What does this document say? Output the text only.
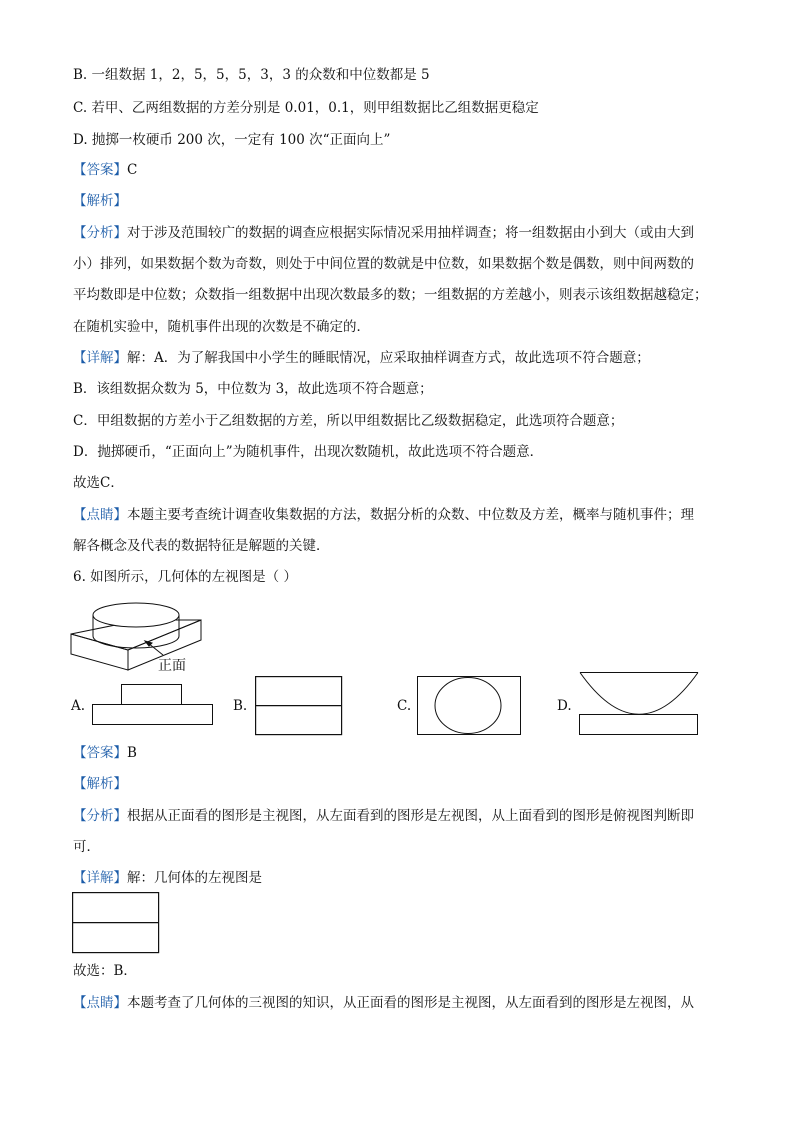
B. 一组数据 1，2，5，5，5，3，3 的众数和中位数都是 5
C. 若甲、乙两组数据的方差分别是 0.01，0.1，则甲组数据比乙组数据更稳定
D. 抛掷一枚硬币 200 次，一定有 100 次“正面向上”
【答案】C
【解析】
【分析】对于涉及范围较广的数据的调查应根据实际情况采用抽样调查；将一组数据由小到大（或由大到
小）排列，如果数据个数为奇数，则处于中间位置的数就是中位数，如果数据个数是偶数，则中间两数的
平均数即是中位数；众数指一组数据中出现次数最多的数；一组数据的方差越小，则表示该组数据越稳定；
在随机实验中，随机事件出现的次数是不确定的．
【详解】解：A．为了解我国中小学生的睡眠情况，应采取抽样调查方式，故此选项不符合题意；
B．该组数据众数为 5，中位数为 3，故此选项不符合题意；
C．甲组数据的方差小于乙组数据的方差，所以甲组数据比乙级数据稳定，此选项符合题意；
D．抛掷硬币，“正面向上”为随机事件，出现次数随机，故此选项不符合题意．
故选C．
【点睛】本题主要考查统计调查收集数据的方法，数据分析的众数、中位数及方差，概率与随机事件；理
解各概念及代表的数据特征是解题的关键．
6. 如图所示，几何体的左视图是（ ）
正面
A.	B.	C.	D.
【答案】B
【解析】
【分析】根据从正面看的图形是主视图，从左面看到的图形是左视图，从上面看到的图形是俯视图判断即
可．
【详解】解：几何体的左视图是
故选：B．
【点睛】本题考查了几何体的三视图的知识，从正面看的图形是主视图，从左面看到的图形是左视图，从
